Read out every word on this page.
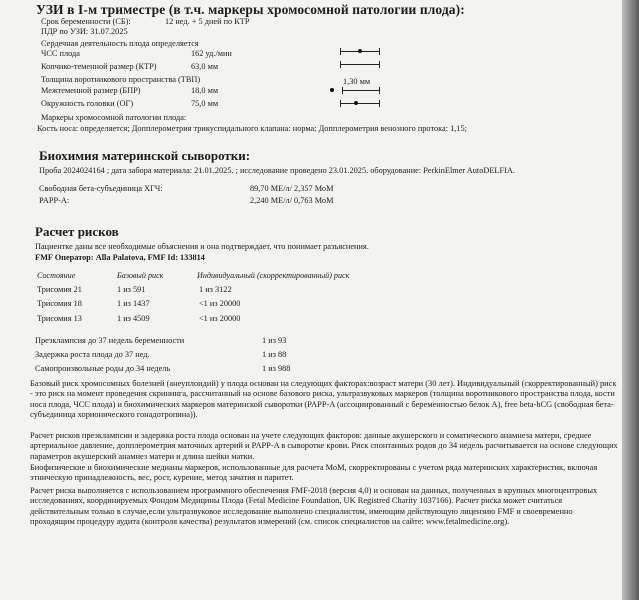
УЗИ в I-м триместре (в т.ч. маркеры хромосомной патологии плода):
Срок беременности (СБ):	12 нед. + 5 дней по КТР
ПДР по УЗИ: 31.07.2025
Сердечная деятельность плода определяется
ЧСС плода	162 уд./мин
Копчико-теменной размер (КТР)	63,0 мм
Толщина воротникового пространства (ТВП)	1,30 мм
Межтеменной размер (БПР)	18,0 мм
Окружность головки (ОГ)	75,0 мм
Маркеры хромосомной патологии плода:
Кость носа: определяется; Допплерометрия трикуспидального клапана: норма; Допплерометрия венозного протока: 1,15;
Биохимия материнской сыворотки:
Проба 2024024164 ; дата забора материала: 21.01.2025. ; исследование проведено 23.01.2025. оборудование: PerkinElmer AutoDELFIA.
Свободная бета-субъединица ХГЧ:	89,70 МЕ/л/ 2,357 МоМ
PAPP-A:	2,240 МЕ/л/ 0,763 МоМ
Расчет рисков
Пациентке даны все необходимые объяснения и она подтверждает, что понимает разъяснения.
FMF Оператор: Alla Palatova, FMF Id: 133814
Состояние	Базовый риск	Индивидуальный (скорректированный) риск
Трисомия 21	1 из 591	1 из 3122
Трисомия 18	1 из 1437	<1 из 20000
Трисомия 13	1 из 4509	<1 из 20000
Преэклампсия до 37 недель беременности	1 из 93
Задержка роста плода до 37 нед.	1 из 88
Самопроизвольные роды до 34 недель	1 из 988
Базовый риск хромосомных болезней (анеуплоидий) у плода основан на следующих факторах:возраст матери (30 лет). Индивидуальный (скорректированный) риск - это риск на момент проведения скрининга, рассчитанный на основе базового риска, ультразвуковых маркеров (толщина воротникового пространства плода, кости носа плода, ЧСС плода) и биохимических маркеров материнской сыворотки (PAPP-A (ассоциированный с беременностью белок А), free beta-hCG (свободная бета-субъединица хорионического гонадотропина)).
Расчет рисков преэклампсии и задержка роста плода основан на учете следующих факторов: данные акушерского и соматического анамнеза матери, среднее артериальное давление, допплерометрия маточных артерий и PAPP-A в сыворотке крови. Риск спонтанных родов до 34 недель расчитывается на основе следующих параметров акушерский анамнез матери и длина шейки матки.
Биофизические и биохимические медианы маркеров, использованные для расчета МоМ, скорректированы с учетом ряда материнских характеристик, включая этническую принадлежность, вес, рост, курение, метод зачатия и паритет.
Расчет риска выполняется с использованием программного обеспечения FMF-2018 (версия 4,0) и основан на данных, полученных в крупных многоцентровых исследованиях, координируемых Фондом Медицины Плода (Fetal Medicine Foundation, UK Registred Charity 1037166). Расчет риска может считаться действительным только в случае,если ультразвуковое исследование выполнено специалистом, имеющим действующую лицензию FMF и своевременно проходящим процедуру аудита (контроля качества) результатов измерений (см. список специалистов на сайте: www.fetalmedicine.org).
